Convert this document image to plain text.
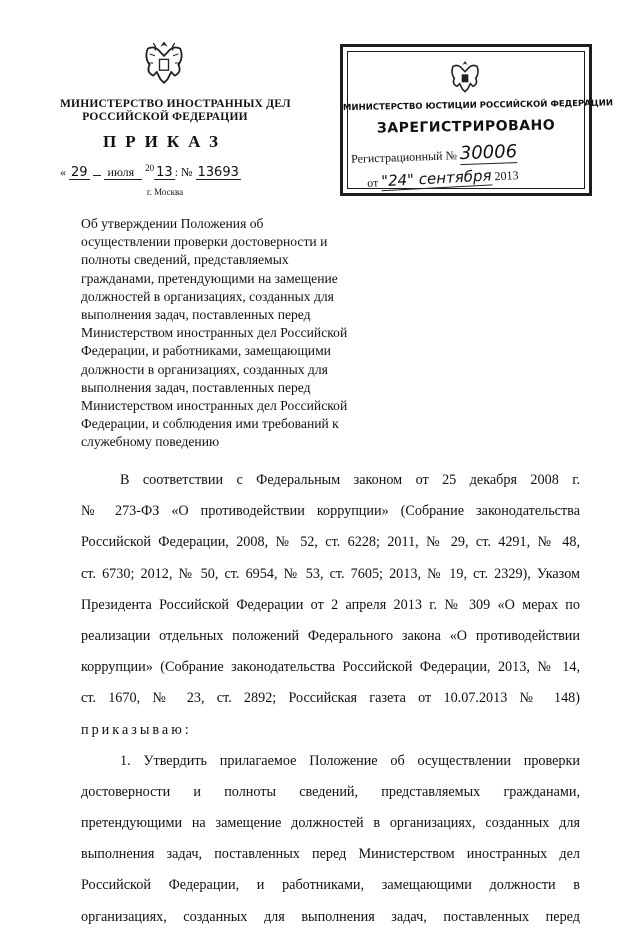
МИНИСТЕРСТВО ИНОСТРАННЫХ ДЕЛ
РОССИЙСКОЙ ФЕДЕРАЦИИ
ПРИКАЗ
« 29 июля $^{20}$ 13 : № 13693
г. Москва
МИНИСТЕРСТВО ЮСТИЦИИ РОССИЙСКОЙ ФЕДЕРАЦИИ
ЗАРЕГИСТРИРОВАНО
Регистрационный № 30006
от "24" сентября 2013
Об утверждении Положения об
осуществлении проверки достоверности и
полноты сведений, представляемых
гражданами, претендующими на замещение
должностей в организациях, созданных для
выполнения задач, поставленных перед
Министерством иностранных дел Российской
Федерации, и работниками, замещающими
должности в организациях, созданных для
выполнения задач, поставленных перед
Министерством иностранных дел Российской
Федерации, и соблюдения ими требований к
служебному поведению
В соответствии с Федеральным законом от 25 декабря 2008 г.
№ 273-ФЗ «О противодействии коррупции» (Собрание законодательства
Российской Федерации, 2008, № 52, ст. 6228; 2011, № 29, ст. 4291, № 48,
ст. 6730; 2012, № 50, ст. 6954, № 53, ст. 7605; 2013, № 19, ст. 2329), Указом
Президента Российской Федерации от 2 апреля 2013 г. № 309 «О мерах по
реализации отдельных положений Федерального закона «О противодействии
коррупции» (Собрание законодательства Российской Федерации, 2013, № 14,
ст. 1670, № 23, ст. 2892; Российская газета от 10.07.2013 № 148)
приказываю:
1. Утвердить прилагаемое Положение об осуществлении проверки
достоверности и полноты сведений, представляемых гражданами,
претендующими на замещение должностей в организациях, созданных для
выполнения задач, поставленных перед Министерством иностранных дел
Российской Федерации, и работниками, замещающими должности в
организациях, созданных для выполнения задач, поставленных перед
